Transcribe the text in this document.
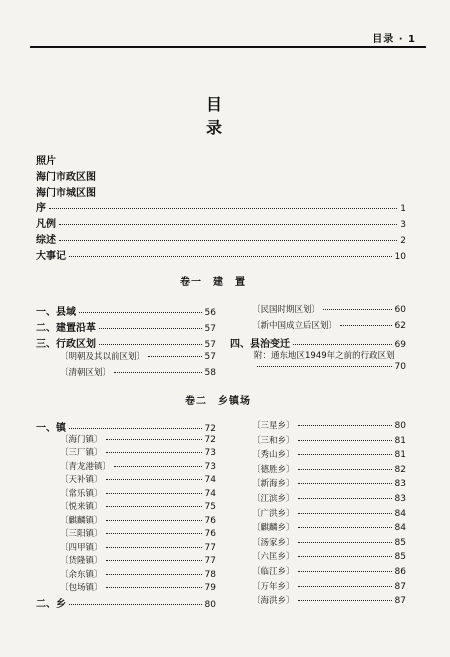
目录 · 1
目 录
照片
海门市政区图
海门市城区图
序	1
凡例	3
综述	2
大事记	10
卷一　建　置
一、县域	56
二、建置沿革	57
三、行政区划	57
〔明朝及其以前区划〕	57
〔清朝区划〕	58
〔民国时期区划〕	60
〔新中国成立后区划〕	62
四、县治变迁	69
附：通东地区1949年之前的行政区划
70
卷二　乡镇场
一、镇	72
〔海门镇〕	72
〔三厂镇〕	73
〔青龙港镇〕	73
〔天补镇〕	74
〔常乐镇〕	74
〔悦来镇〕	75
〔麒麟镇〕	76
〔三阳镇〕	76
〔四甲镇〕	77
〔货隆镇〕	77
〔余东镇〕	78
〔包场镇〕	79
二、乡	80
〔三星乡〕	80
〔三和乡〕	81
〔秀山乡〕	81
〔德胜乡〕	82
〔新海乡〕	83
〔江滨乡〕	83
〔广洪乡〕	84
〔麒麟乡〕	84
〔汤家乡〕	85
〔六匡乡〕	85
〔临江乡〕	86
〔万年乡〕	87
〔海洪乡〕	87
